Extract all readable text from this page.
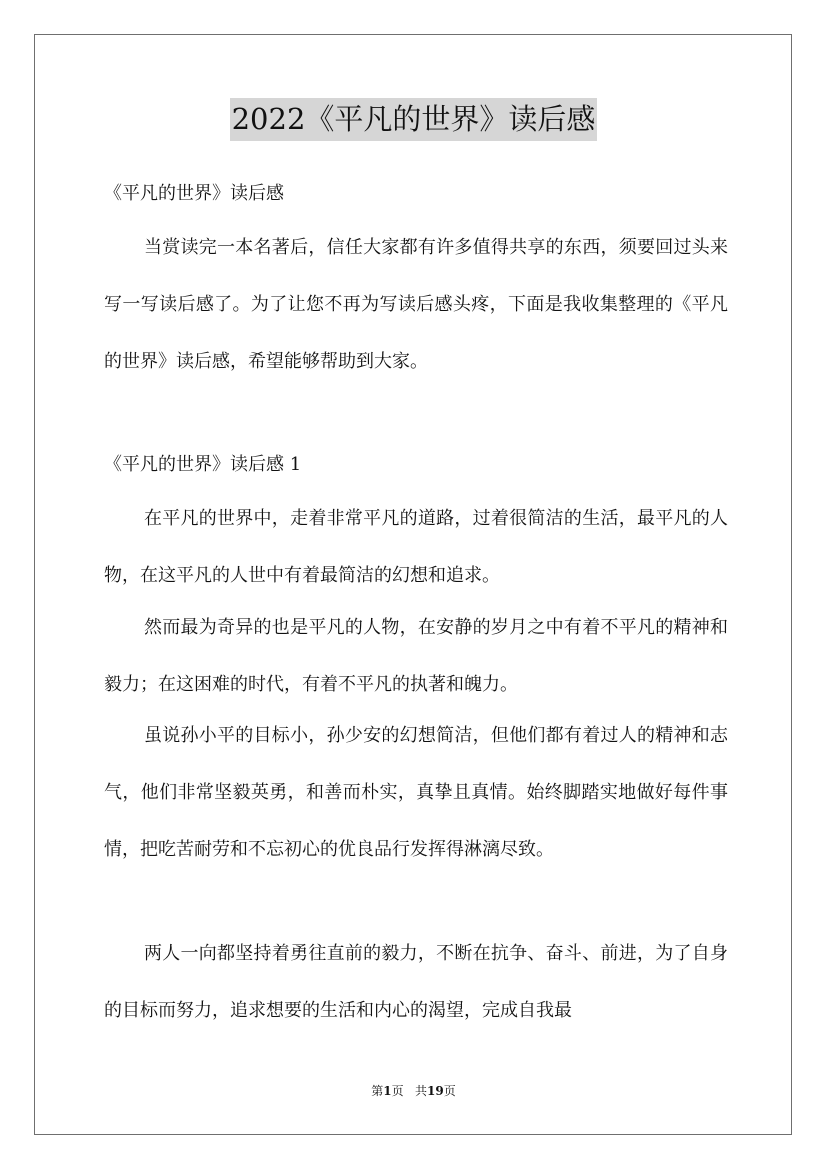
2022《平凡的世界》读后感
《平凡的世界》读后感
当赏读完一本名著后，信任大家都有许多值得共享的东西，须要回过头来写一写读后感了。为了让您不再为写读后感头疼，下面是我收集整理的《平凡的世界》读后感，希望能够帮助到大家。
《平凡的世界》读后感 1
在平凡的世界中，走着非常平凡的道路，过着很简洁的生活，最平凡的人物，在这平凡的人世中有着最简洁的幻想和追求。
然而最为奇异的也是平凡的人物，在安静的岁月之中有着不平凡的精神和毅力；在这困难的时代，有着不平凡的执著和魄力。
虽说孙小平的目标小，孙少安的幻想简洁，但他们都有着过人的精神和志气，他们非常坚毅英勇，和善而朴实，真挚且真情。始终脚踏实地做好每件事情，把吃苦耐劳和不忘初心的优良品行发挥得淋漓尽致。
两人一向都坚持着勇往直前的毅力，不断在抗争、奋斗、前进，为了自身的目标而努力，追求想要的生活和内心的渴望，完成自我最
第1页   共19页
